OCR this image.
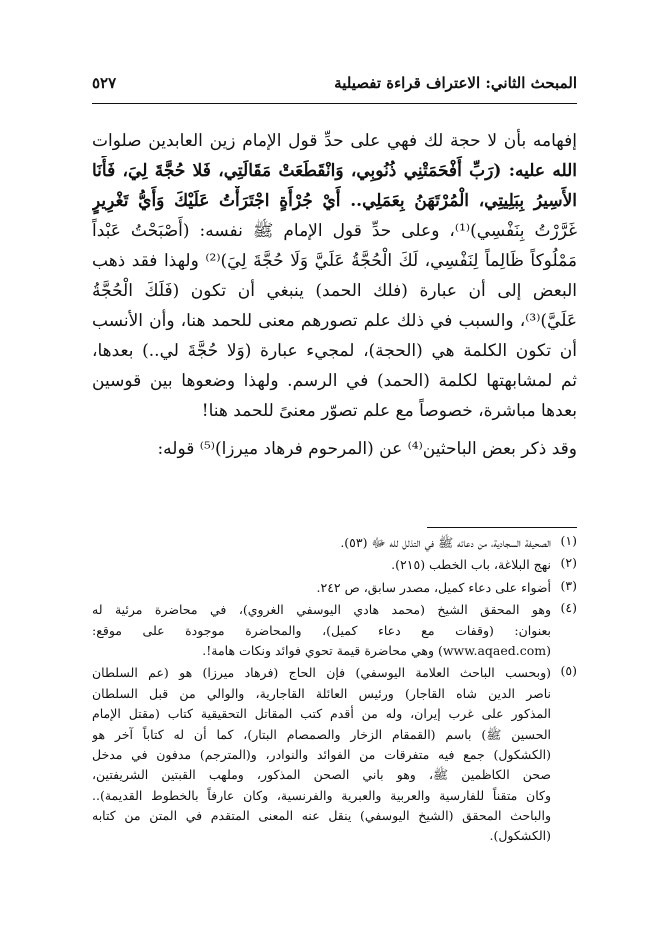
المبحث الثاني: الاعتراف قراءة تفصيلية
٥٢٧
إفهامه بأن لا حجة لك فهي على حدِّ قول الإمام زين العابدين صلوات
الله عليه: (رَبِّ أَفْحَمَتْنِي ذُنُوبِي، وَانْقَطَعَتْ مَقَالَتِي، فَلا حُجَّةَ لِيَ، فَأَنَا
الأَسِيرُ بِبَلِيتِي، الْمُرْتَهَنُ بِعَمَلِي.. أَيْ جُرْأَةٍ اجْتَرَأْتُ عَلَيْكَ وَأَيُّ تَغْرِيرٍ
غَرَّرْتُ بِنَفْسِي)⁽¹⁾، وعلى حدِّ قول الإمام ﷺ نفسه: (أَصْبَحْتُ عَبْداً
مَمْلُوكاً ظَالِماً لِنَفْسِي، لَكَ الْحُجَّةُ عَلَيَّ وَلَا حُجَّةَ لِيَ)⁽²⁾ ولهذا فقد ذهب
البعض إلى أن عبارة (فلك الحمد) ينبغي أن تكون (فَلَكَ الْحُجَّةُ
عَلَيَّ)⁽³⁾، والسبب في ذلك علم تصورهم معنى للحمد هنا، وأن الأنسب
أن تكون الكلمة هي (الحجة)، لمجيء عبارة (وَلا حُجَّةَ لي..) بعدها،
ثم لمشابهتها لكلمة (الحمد) في الرسم. ولهذا وضعوها بين قوسين
بعدها مباشرة، خصوصاً مع علم تصوّر معنىً للحمد هنا!
وقد ذكر بعض الباحثين⁽⁴⁾ عن (المرحوم فرهاد ميرزا)⁽⁵⁾ قوله:
(١)
الصحيفة السجادية، من دعائه ﷺ في التذلل لله ﷻ (٥٣).
(٢)
نهج البلاغة، باب الخطب (٢١٥).
(٣)
أضواء على دعاء كميل، مصدر سابق، ص ٢٤٢.
(٤)
وهو المحقق الشيخ (محمد هادي اليوسفي الغروي)، في محاضرة مرئية له
بعنوان: (وقفات مع دعاء كميل)، والمحاضرة موجودة على موقع:
(www.aqaed.com) وهي محاضرة قيمة تحوي فوائد ونكات هامة!.
(٥)
(وبحسب الباحث العلامة اليوسفي) فإن الحاج (فرهاد ميرزا) هو (عم السلطان
ناصر الدين شاه القاجار) ورئيس العائلة القاجارية، والوالي من قبل السلطان
المذكور على غرب إيران، وله من أقدم كتب المقاتل التحقيقية كتاب (مقتل الإمام
الحسين ﷺ) باسم (القمقام الزخار والصمصام البتار)، كما أن له كتاباً آخر هو
(الكشكول) جمع فيه متفرقات من الفوائد والنوادر، و(المترجم) مدفون في مدخل
صحن الكاظمين ﷺ، وهو باني الصحن المذكور، وملهب القبتين الشريفتين،
وكان متقناً للفارسية والعربية والعبرية والفرنسية، وكان عارفاً بالخطوط القديمة)..
والباحث المحقق (الشيخ اليوسفي) ينقل عنه المعنى المتقدم في المتن من كتابه
(الكشكول).
